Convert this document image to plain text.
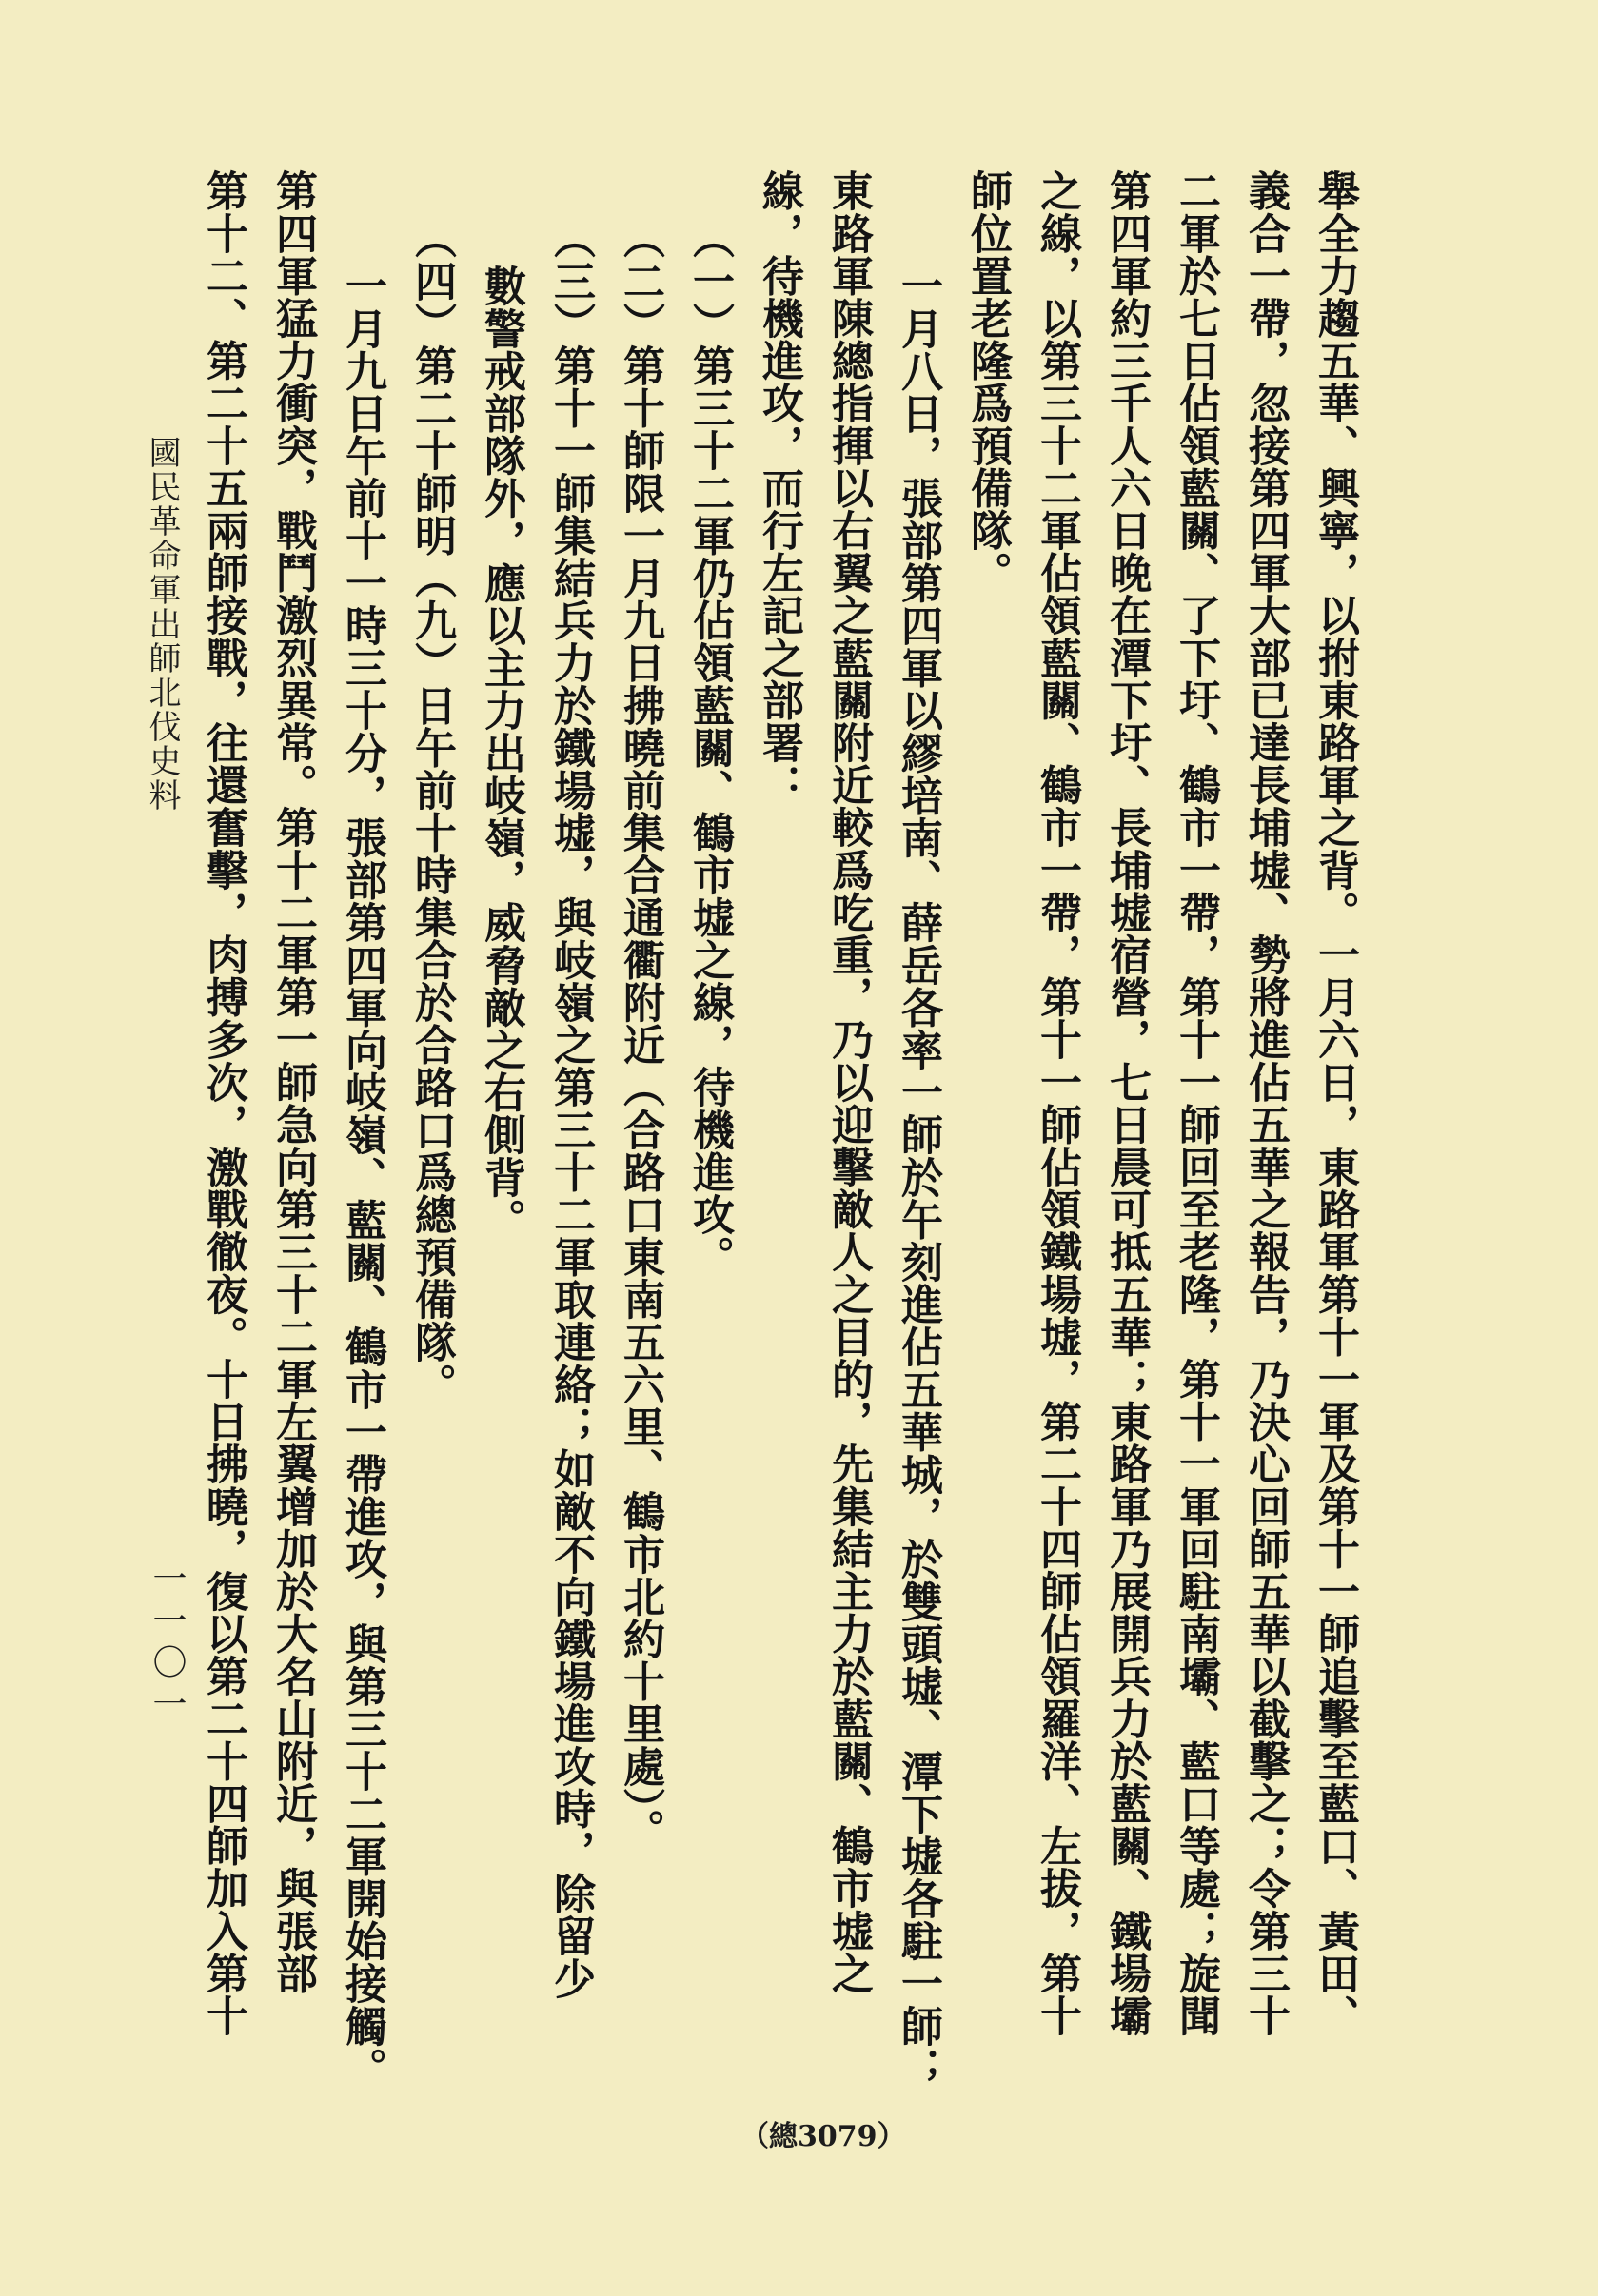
舉全力趨五華、興寧，以拊東路軍之背。一月六日，東路軍第十一軍及第十一師追擊至藍口、黃田、
義合一帶，忽接第四軍大部已達長埔墟、勢將進佔五華之報告，乃決心回師五華以截擊之；令第三十
二軍於七日佔領藍關、了下圩、鶴市一帶，第十一師回至老隆，第十一軍回駐南壩、藍口等處；旋聞
第四軍約三千人六日晚在潭下圩、長埔墟宿營，七日晨可抵五華；東路軍乃展開兵力於藍關、鐵場壩
之線，以第三十二軍佔領藍關、鶴市一帶，第十一師佔領鐵場墟，第二十四師佔領羅洋、左拔，第十
師位置老隆爲預備隊。
一月八日，張部第四軍以繆培南、薛岳各率一師於午刻進佔五華城，於雙頭墟、潭下墟各駐一師；
東路軍陳總指揮以右翼之藍關附近較爲吃重，乃以迎擊敵人之目的，先集結主力於藍關、鶴市墟之
線，待機進攻，而行左記之部署：
（一）第三十二軍仍佔領藍關、鶴市墟之線，待機進攻。
（二）第十師限一月九日拂曉前集合通衢附近（合路口東南五六里、鶴市北約十里處）。
（三）第十一師集結兵力於鐵場墟，與岐嶺之第三十二軍取連絡；如敵不向鐵場進攻時，除留少
數警戒部隊外，應以主力出岐嶺，威脅敵之右側背。
（四）第二十師明（九）日午前十時集合於合路口爲總預備隊。
一月九日午前十一時三十分，張部第四軍向岐嶺、藍關、鶴市一帶進攻，與第三十二軍開始接觸。
第四軍猛力衝突，戰鬥激烈異常。第十二軍第一師急向第三十二軍左翼增加於大名山附近，與張部
第十二、第二十五兩師接戰，往還奮擊，肉搏多次，激戰徹夜。十日拂曉，復以第二十四師加入第十
國民革命軍出師北伐史料
一一〇一
（總3079）
